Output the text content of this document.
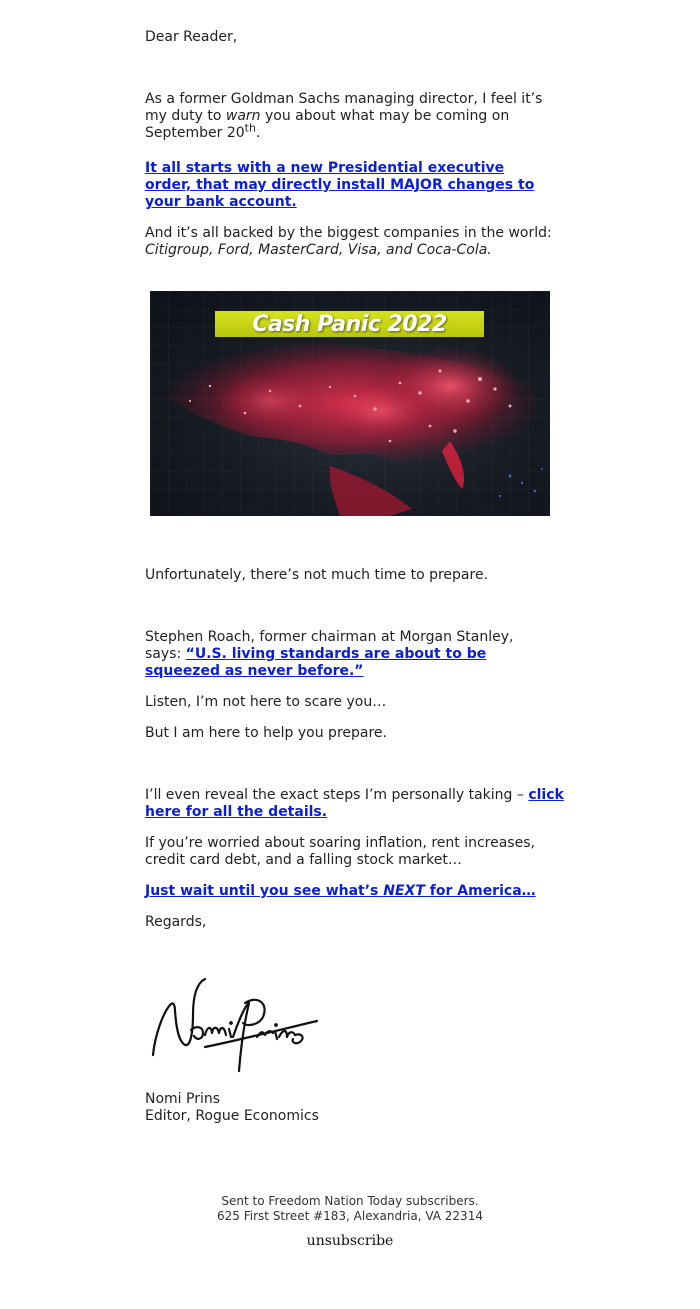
Dear Reader,

As a former Goldman Sachs managing director, I feel it’s my duty to warn you about what may be coming on September 20th.

It all starts with a new Presidential executive order, that may directly install MAJOR changes to your bank account.

And it’s all backed by the biggest companies in the world:
Citigroup, Ford, MasterCard, Visa, and Coca-Cola.

Cash Panic 2022

Unfortunately, there’s not much time to prepare.

Stephen Roach, former chairman at Morgan Stanley, says: “U.S. living standards are about to be squeezed as never before.”

Listen, I’m not here to scare you…

But I am here to help you prepare.

I’ll even reveal the exact steps I’m personally taking – click here for all the details.

If you’re worried about soaring inflation, rent increases, credit card debt, and a falling stock market…

Just wait until you see what’s NEXT for America…

Regards,

Nomi Prins
Editor, Rogue Economics

Sent to Freedom Nation Today subscribers.
625 First Street #183, Alexandria, VA 22314
unsubscribe
